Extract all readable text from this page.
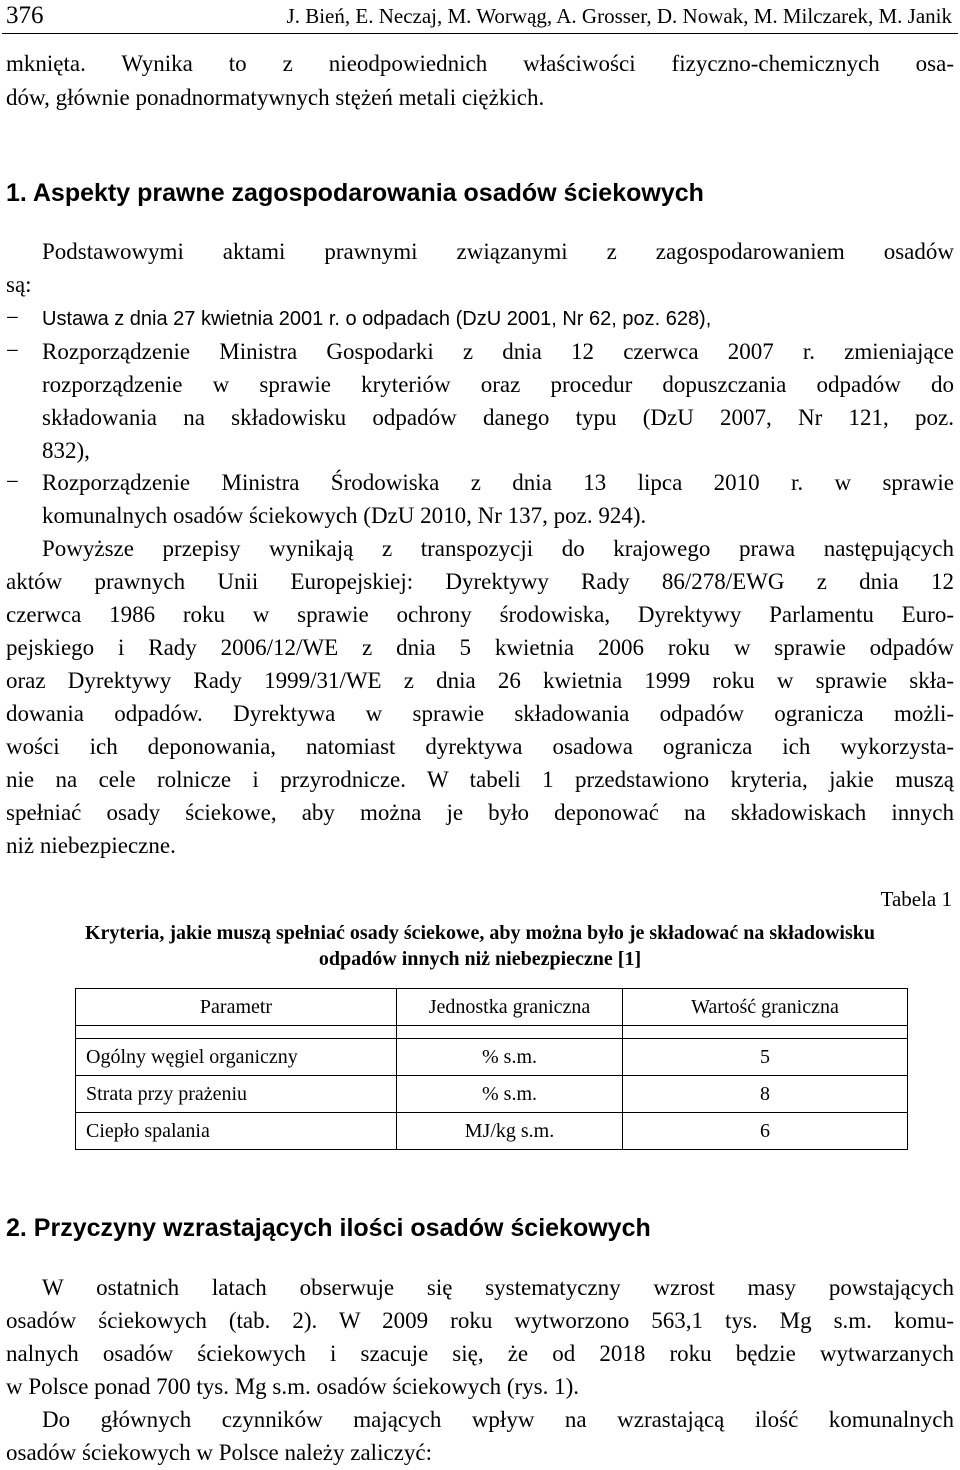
376	J. Bień, E. Neczaj, M. Worwąg, A. Grosser, D. Nowak, M. Milczarek, M. Janik
mknięta. Wynika to z nieodpowiednich właściwości fizyczno-chemicznych osa-
dów, głównie ponadnormatywnych stężeń metali ciężkich.
1. Aspekty prawne zagospodarowania osadów ściekowych
Podstawowymi aktami prawnymi związanymi z zagospodarowaniem osadów
są:
− Ustawa z dnia 27 kwietnia 2001 r. o odpadach (DzU 2001, Nr 62, poz. 628),
− Rozporządzenie Ministra Gospodarki z dnia 12 czerwca 2007 r. zmieniające
rozporządzenie w sprawie kryteriów oraz procedur dopuszczania odpadów do
składowania na składowisku odpadów danego typu (DzU 2007, Nr 121, poz.
832),
− Rozporządzenie Ministra Środowiska z dnia 13 lipca 2010 r. w sprawie
komunalnych osadów ściekowych (DzU 2010, Nr 137, poz. 924).
Powyższe przepisy wynikają z transpozycji do krajowego prawa następujących
aktów prawnych Unii Europejskiej: Dyrektywy Rady 86/278/EWG z dnia 12
czerwca 1986 roku w sprawie ochrony środowiska, Dyrektywy Parlamentu Euro-
pejskiego i Rady 2006/12/WE z dnia 5 kwietnia 2006 roku w sprawie odpadów
oraz Dyrektywy Rady 1999/31/WE z dnia 26 kwietnia 1999 roku w sprawie skła-
dowania odpadów. Dyrektywa w sprawie składowania odpadów ogranicza możli-
wości ich deponowania, natomiast dyrektywa osadowa ogranicza ich wykorzysta-
nie na cele rolnicze i przyrodnicze. W tabeli 1 przedstawiono kryteria, jakie muszą
spełniać osady ściekowe, aby można je było deponować na składowiskach innych
niż niebezpieczne.
Tabela 1
Kryteria, jakie muszą spełniać osady ściekowe, aby można było je składować na składowisku
odpadów innych niż niebezpieczne [1]
Parametr	Jednostka graniczna	Wartość graniczna

Ogólny węgiel organiczny	% s.m.	5
Strata przy prażeniu	% s.m.	8
Ciepło spalania	MJ/kg s.m.	6
2. Przyczyny wzrastających ilości osadów ściekowych
W ostatnich latach obserwuje się systematyczny wzrost masy powstających
osadów ściekowych (tab. 2). W 2009 roku wytworzono 563,1 tys. Mg s.m. komu-
nalnych osadów ściekowych i szacuje się, że od 2018 roku będzie wytwarzanych
w Polsce ponad 700 tys. Mg s.m. osadów ściekowych (rys. 1).
Do głównych czynników mających wpływ na wzrastającą ilość komunalnych
osadów ściekowych w Polsce należy zaliczyć:
